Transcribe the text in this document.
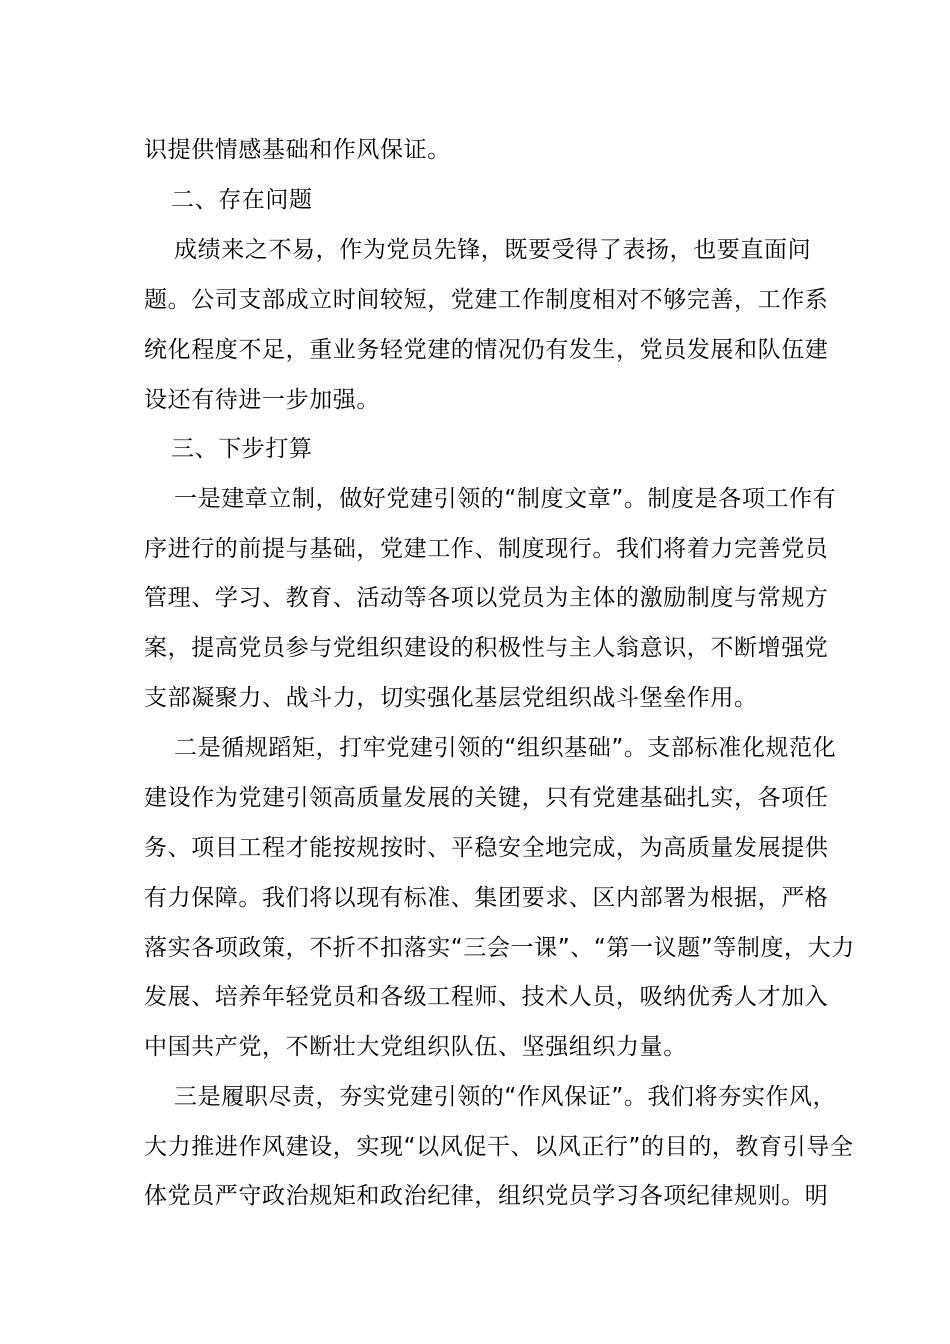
识提供情感基础和作风保证。
二、存在问题
成绩来之不易，作为党员先锋，既要受得了表扬，也要直面问
题。公司支部成立时间较短，党建工作制度相对不够完善，工作系
统化程度不足，重业务轻党建的情况仍有发生，党员发展和队伍建
设还有待进一步加强。
三、下步打算
一是建章立制，做好党建引领的“制度文章”。制度是各项工作有
序进行的前提与基础，党建工作、制度现行。我们将着力完善党员
管理、学习、教育、活动等各项以党员为主体的激励制度与常规方
案，提高党员参与党组织建设的积极性与主人翁意识，不断增强党
支部凝聚力、战斗力，切实强化基层党组织战斗堡垒作用。
二是循规蹈矩，打牢党建引领的“组织基础”。支部标准化规范化
建设作为党建引领高质量发展的关键，只有党建基础扎实，各项任
务、项目工程才能按规按时、平稳安全地完成，为高质量发展提供
有力保障。我们将以现有标准、集团要求、区内部署为根据，严格
落实各项政策，不折不扣落实“三会一课”、“第一议题”等制度，大力
发展、培养年轻党员和各级工程师、技术人员，吸纳优秀人才加入
中国共产党，不断壮大党组织队伍、坚强组织力量。
三是履职尽责，夯实党建引领的“作风保证”。我们将夯实作风，
大力推进作风建设，实现“以风促干、以风正行”的目的，教育引导全
体党员严守政治规矩和政治纪律，组织党员学习各项纪律规则。明
